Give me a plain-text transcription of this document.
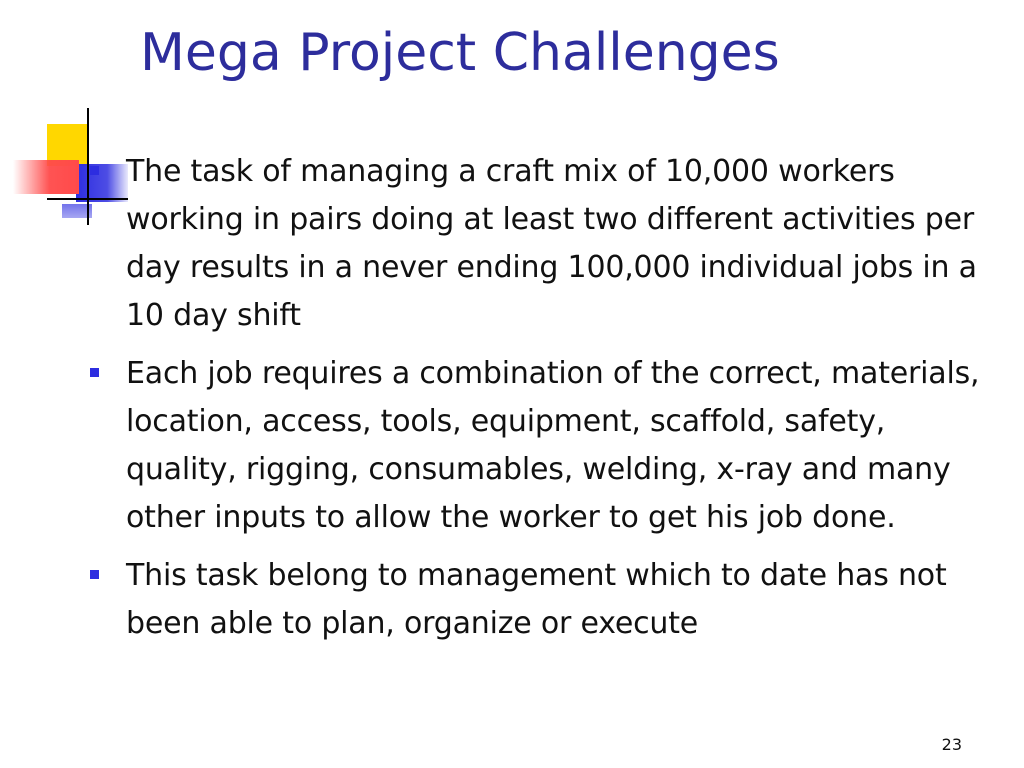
Mega Project Challenges
The task of managing a craft mix of 10,000 workers working in pairs doing at least two different activities per day results in a never ending 100,000 individual jobs in a 10 day shift
Each job requires a combination of the correct, materials, location, access, tools, equipment, scaffold, safety, quality, rigging, consumables, welding, x-ray and many other inputs to allow the worker to get his job done.
This task belong to management which to date has not been able to plan, organize or execute
23
